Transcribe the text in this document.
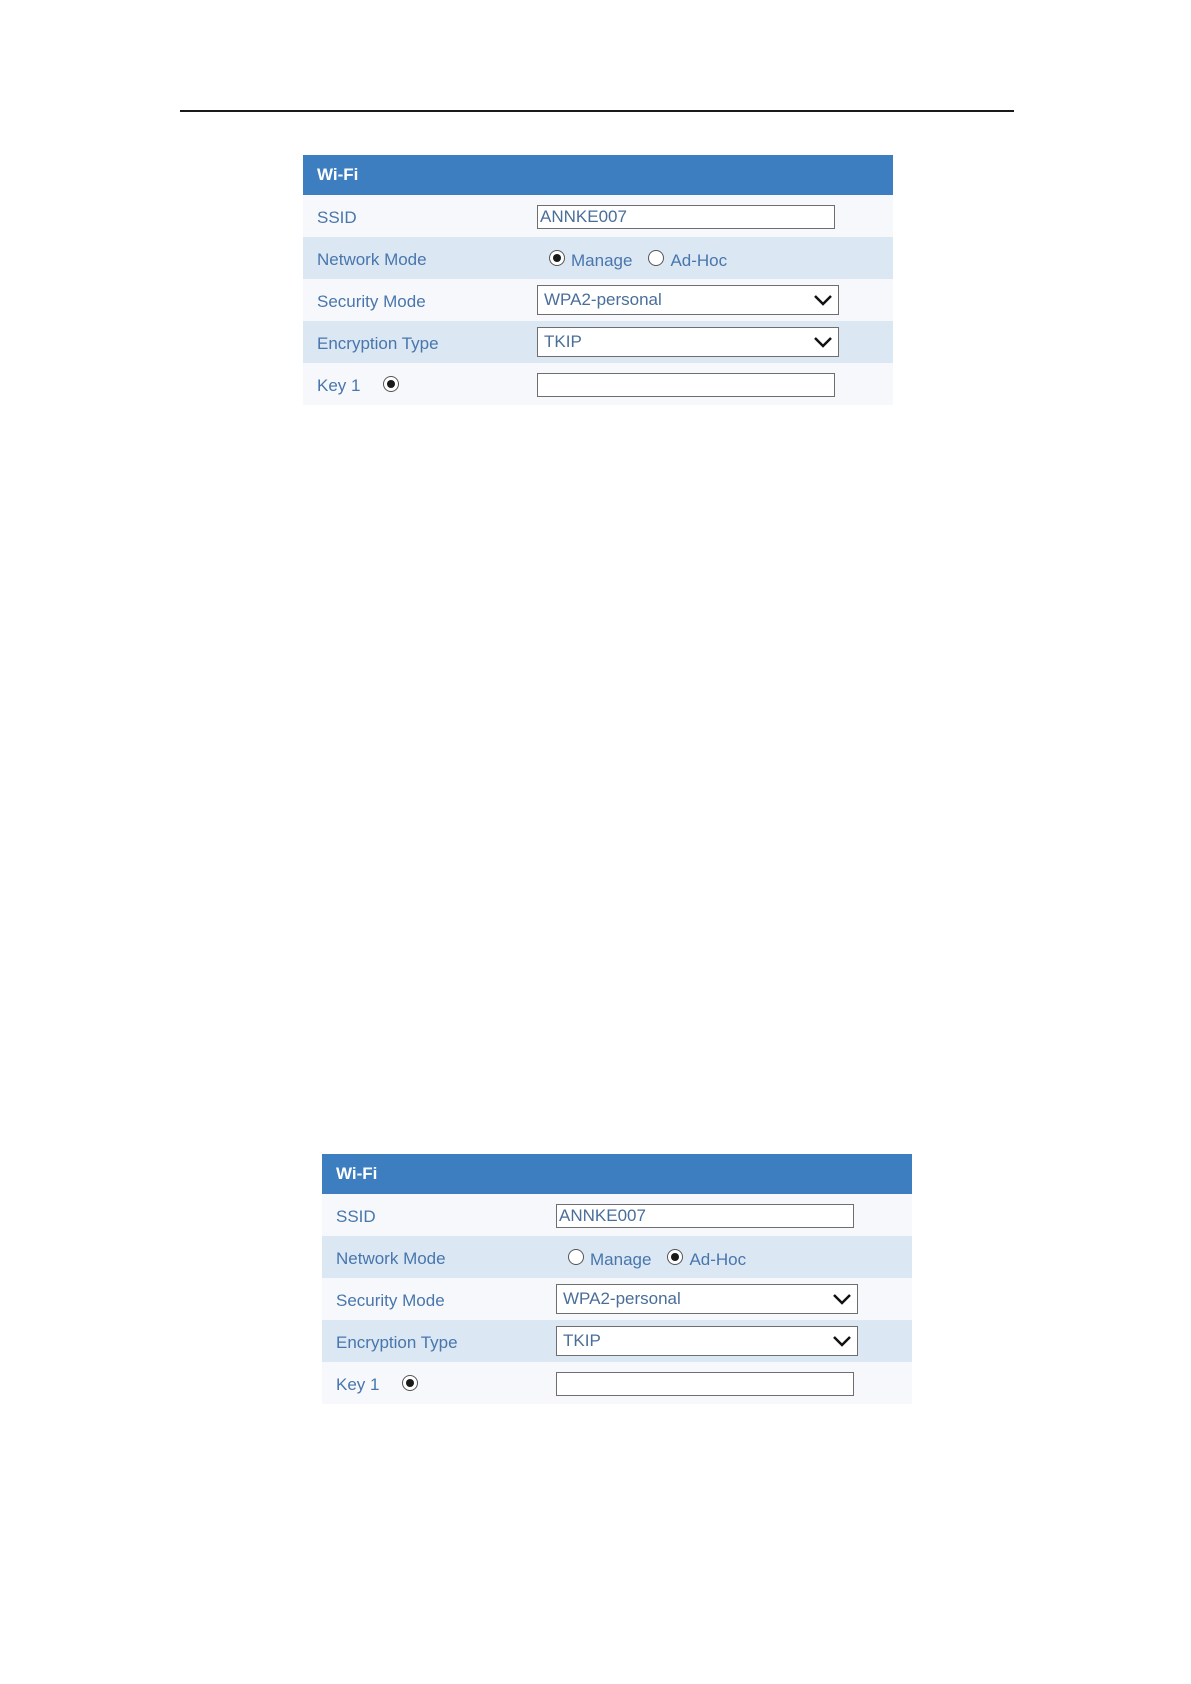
Wi-Fi
SSID	ANNKE007
Network Mode	Manage Ad-Hoc
Security Mode	WPA2-personal
Encryption Type	TKIP
Key 1
Wi-Fi
SSID	ANNKE007
Network Mode	Manage Ad-Hoc
Security Mode	WPA2-personal
Encryption Type	TKIP
Key 1
